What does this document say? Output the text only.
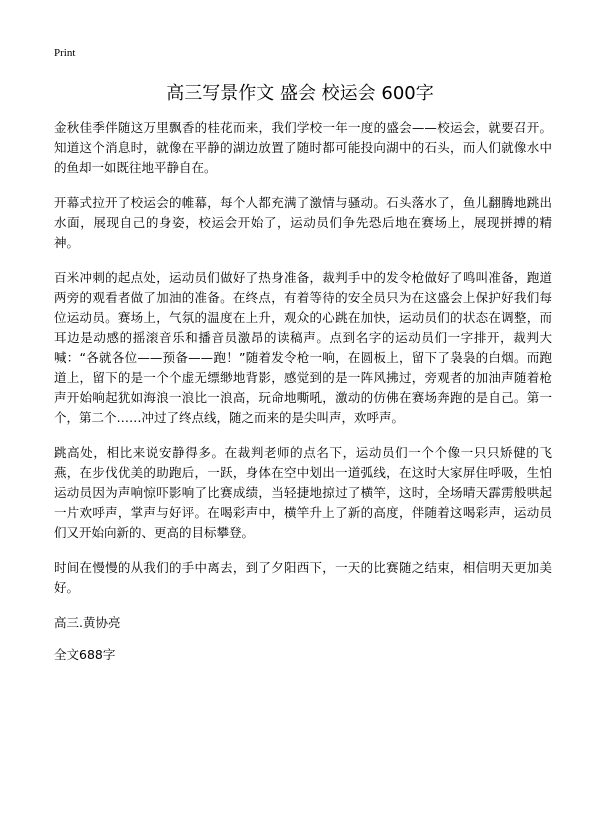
Print
高三写景作文 盛会 校运会 600字

金秋佳季伴随这万里飘香的桂花而来，我们学校一年一度的盛会——校运会，就要召开。知道这个消息时，就像在平静的湖边放置了随时都可能投向湖中的石头，而人们就像水中的鱼却一如既往地平静自在。

开幕式拉开了校运会的帷幕，每个人都充满了激情与骚动。石头落水了，鱼儿翻腾地跳出水面，展现自己的身姿，校运会开始了，运动员们争先恐后地在赛场上，展现拼搏的精神。

百米冲刺的起点处，运动员们做好了热身准备，裁判手中的发令枪做好了鸣叫准备，跑道两旁的观看者做了加油的准备。在终点，有着等待的安全员只为在这盛会上保护好我们每位运动员。赛场上，气氛的温度在上升，观众的心跳在加快，运动员们的状态在调整，而耳边是动感的摇滚音乐和播音员激昂的读稿声。点到名字的运动员们一字排开，裁判大喊：“各就各位——预备——跑！”随着发令枪一响，在圆板上，留下了袅袅的白烟。而跑道上，留下的是一个个虚无缥缈地背影，感觉到的是一阵风拂过，旁观者的加油声随着枪声开始响起犹如海浪一浪比一浪高，玩命地嘶吼，激动的仿佛在赛场奔跑的是自己。第一个，第二个……冲过了终点线，随之而来的是尖叫声，欢呼声。

跳高处，相比来说安静得多。在裁判老师的点名下，运动员们一个个像一只只矫健的飞燕，在步伐优美的助跑后，一跃，身体在空中划出一道弧线，在这时大家屏住呼吸，生怕运动员因为声响惊吓影响了比赛成绩，当轻捷地掠过了横竿，这时，全场晴天霹雳般哄起一片欢呼声，掌声与好评。在喝彩声中，横竿升上了新的高度，伴随着这喝彩声，运动员们又开始向新的、更高的目标攀登。

时间在慢慢的从我们的手中离去，到了夕阳西下，一天的比赛随之结束，相信明天更加美好。

高三.黄协亮

全文688字
